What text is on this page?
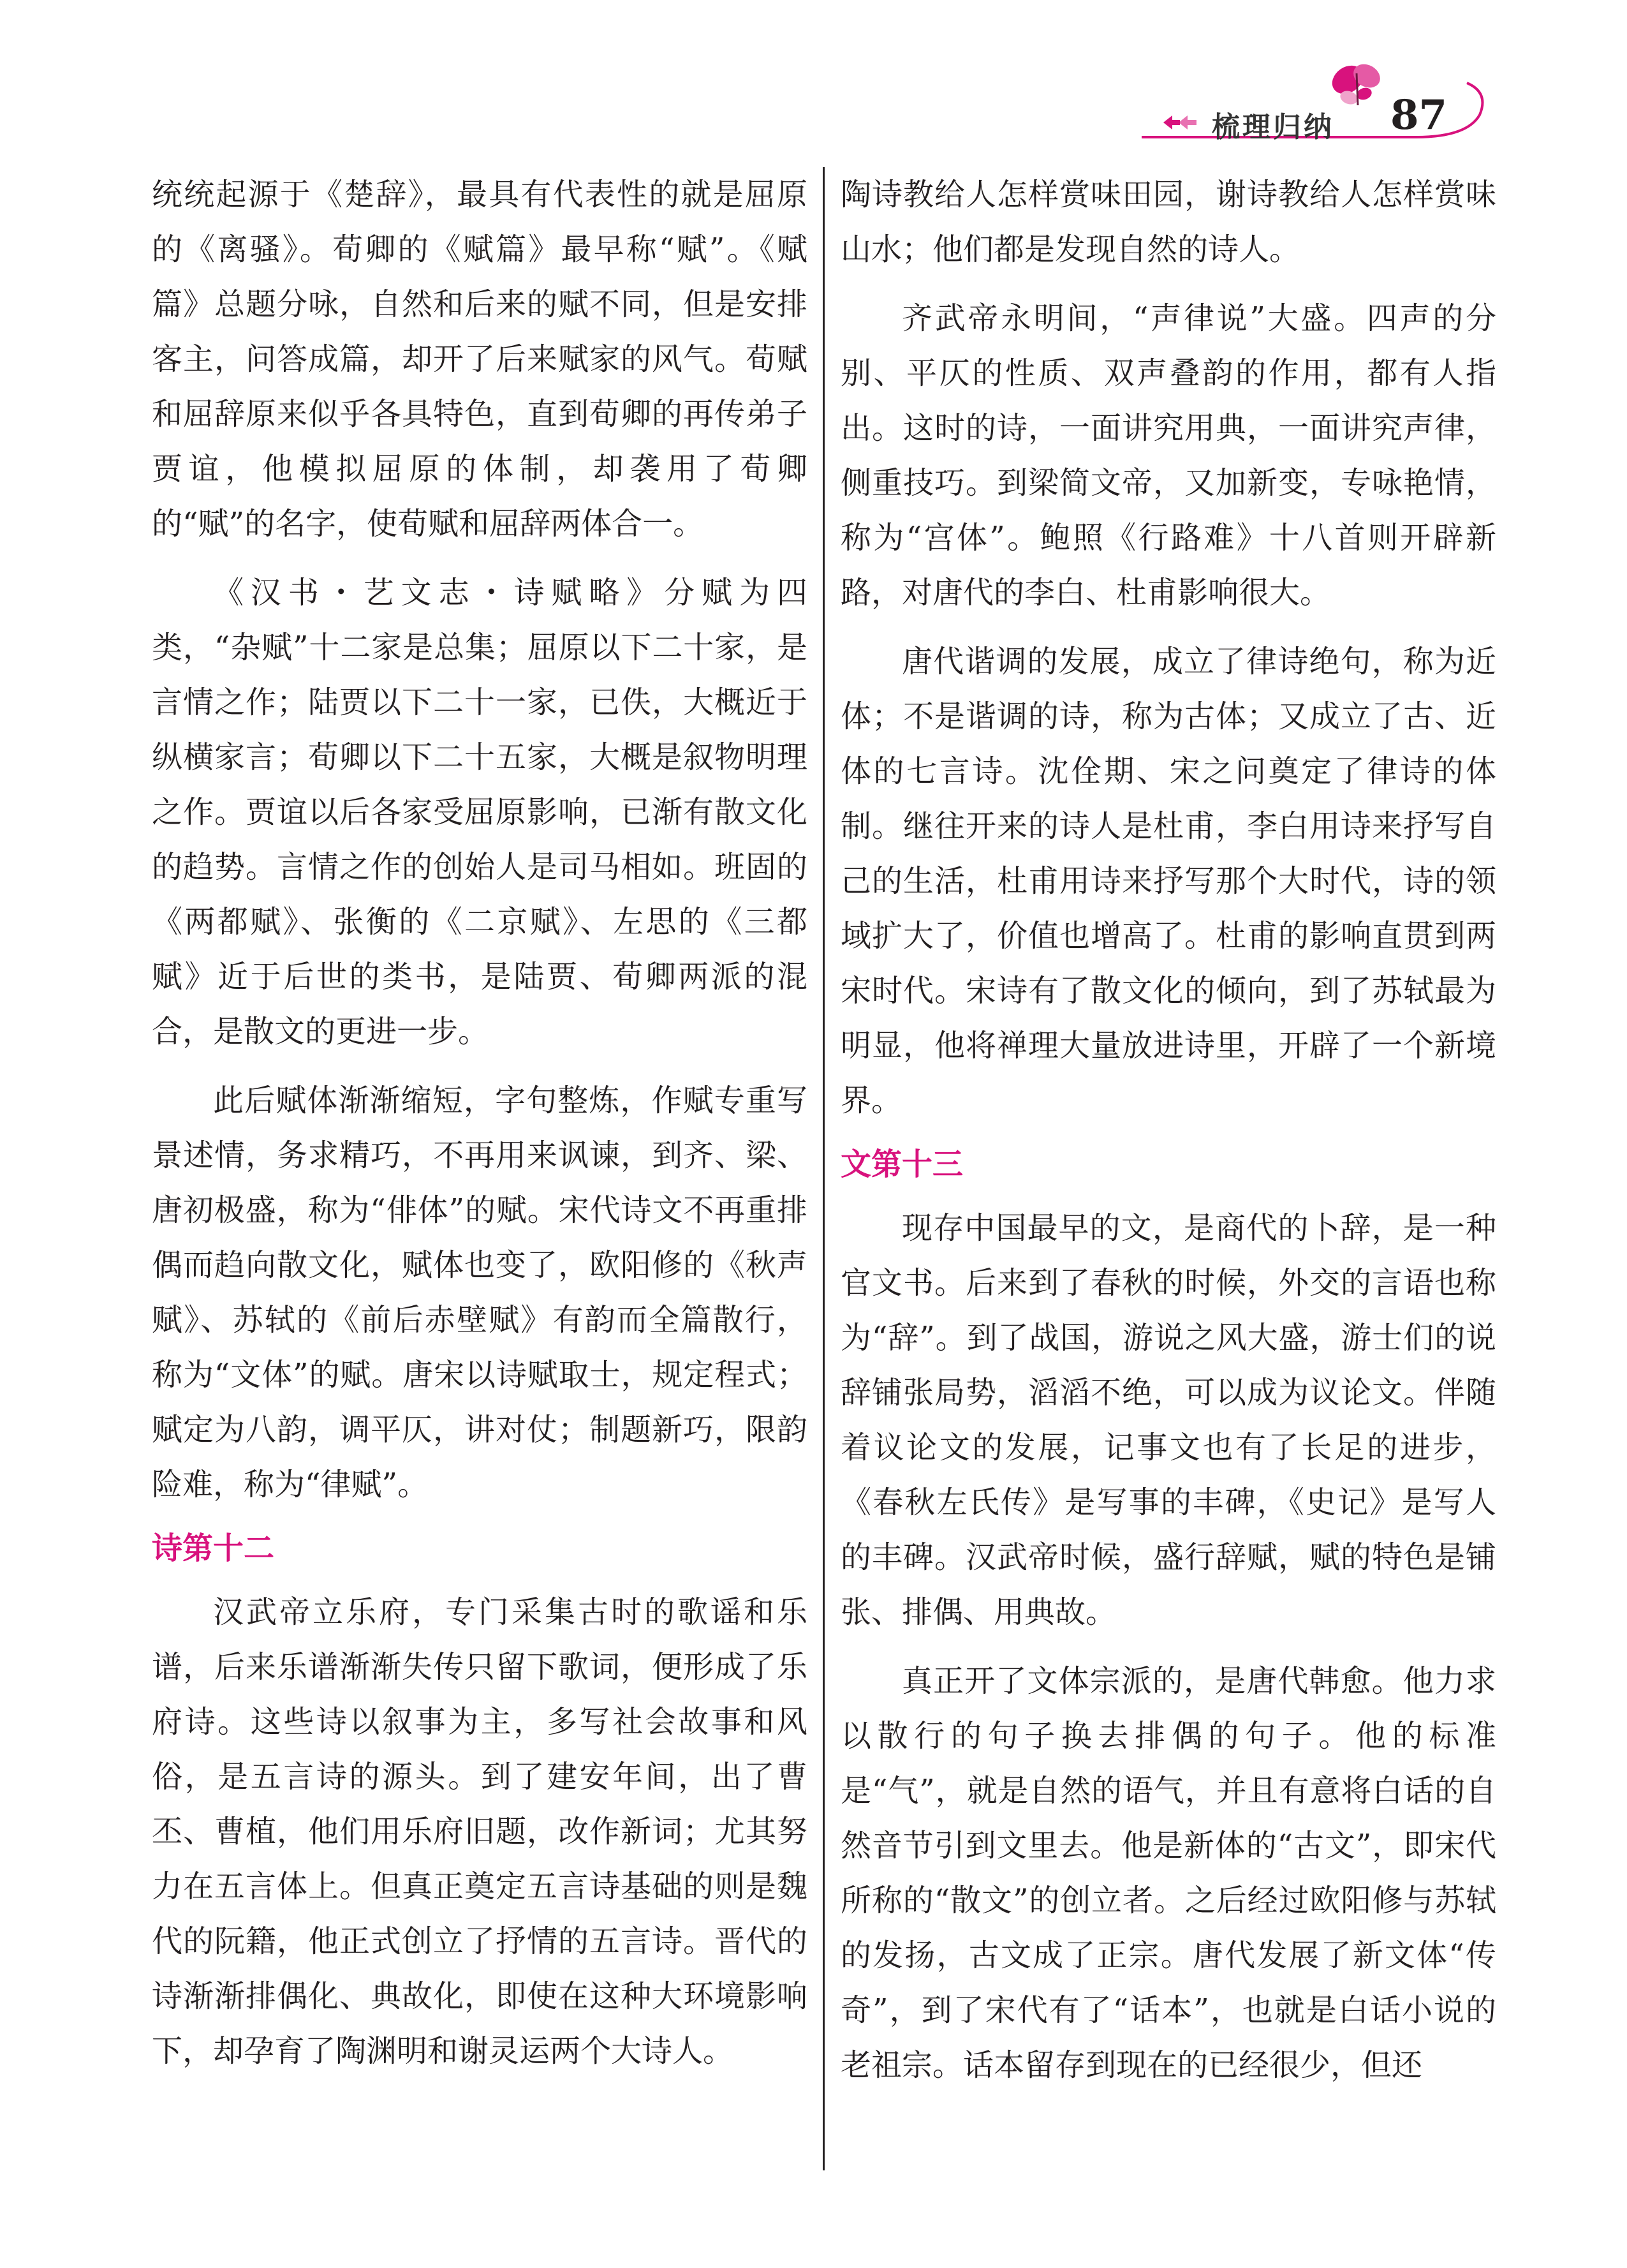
梳理归纳 87

统统起源于《楚辞》，最具有代表性的就是屈原的《离骚》。荀卿的《赋篇》最早称“赋”。《赋篇》总题分咏，自然和后来的赋不同，但是安排客主，问答成篇，却开了后来赋家的风气。荀赋和屈辞原来似乎各具特色，直到荀卿的再传弟子贾谊，他模拟屈原的体制，却袭用了荀卿的“赋”的名字，使荀赋和屈辞两体合一。

《汉书・艺文志・诗赋略》分赋为四类，“杂赋”十二家是总集；屈原以下二十家，是言情之作；陆贾以下二十一家，已佚，大概近于纵横家言；荀卿以下二十五家，大概是叙物明理之作。贾谊以后各家受屈原影响，已渐有散文化的趋势。言情之作的创始人是司马相如。班固的《两都赋》、张衡的《二京赋》、左思的《三都赋》近于后世的类书，是陆贾、荀卿两派的混合，是散文的更进一步。

此后赋体渐渐缩短，字句整炼，作赋专重写景述情，务求精巧，不再用来讽谏，到齐、梁、唐初极盛，称为“俳体”的赋。宋代诗文不再重排偶而趋向散文化，赋体也变了，欧阳修的《秋声赋》、苏轼的《前后赤壁赋》有韵而全篇散行，称为“文体”的赋。唐宋以诗赋取士，规定程式；赋定为八韵，调平仄，讲对仗；制题新巧，限韵险难，称为“律赋”。

诗第十二

汉武帝立乐府，专门采集古时的歌谣和乐谱，后来乐谱渐渐失传只留下歌词，便形成了乐府诗。这些诗以叙事为主，多写社会故事和风俗，是五言诗的源头。到了建安年间，出了曹丕、曹植，他们用乐府旧题，改作新词；尤其努力在五言体上。但真正奠定五言诗基础的则是魏代的阮籍，他正式创立了抒情的五言诗。晋代的诗渐渐排偶化、典故化，即使在这种大环境影响下，却孕育了陶渊明和谢灵运两个大诗人。

陶诗教给人怎样赏味田园，谢诗教给人怎样赏味山水；他们都是发现自然的诗人。

齐武帝永明间，“声律说”大盛。四声的分别、平仄的性质、双声叠韵的作用，都有人指出。这时的诗，一面讲究用典，一面讲究声律，侧重技巧。到梁简文帝，又加新变，专咏艳情，称为“宫体”。鲍照《行路难》十八首则开辟新路，对唐代的李白、杜甫影响很大。

唐代谐调的发展，成立了律诗绝句，称为近体；不是谐调的诗，称为古体；又成立了古、近体的七言诗。沈佺期、宋之问奠定了律诗的体制。继往开来的诗人是杜甫，李白用诗来抒写自己的生活，杜甫用诗来抒写那个大时代，诗的领域扩大了，价值也增高了。杜甫的影响直贯到两宋时代。宋诗有了散文化的倾向，到了苏轼最为明显，他将禅理大量放进诗里，开辟了一个新境界。

文第十三

现存中国最早的文，是商代的卜辞，是一种官文书。后来到了春秋的时候，外交的言语也称为“辞”。到了战国，游说之风大盛，游士们的说辞铺张局势，滔滔不绝，可以成为议论文。伴随着议论文的发展，记事文也有了长足的进步，《春秋左氏传》是写事的丰碑，《史记》是写人的丰碑。汉武帝时候，盛行辞赋，赋的特色是铺张、排偶、用典故。

真正开了文体宗派的，是唐代韩愈。他力求以散行的句子换去排偶的句子。他的标准是“气”，就是自然的语气，并且有意将白话的自然音节引到文里去。他是新体的“古文”，即宋代所称的“散文”的创立者。之后经过欧阳修与苏轼的发扬，古文成了正宗。唐代发展了新文体“传奇”，到了宋代有了“话本”，也就是白话小说的老祖宗。话本留存到现在的已经很少，但还
